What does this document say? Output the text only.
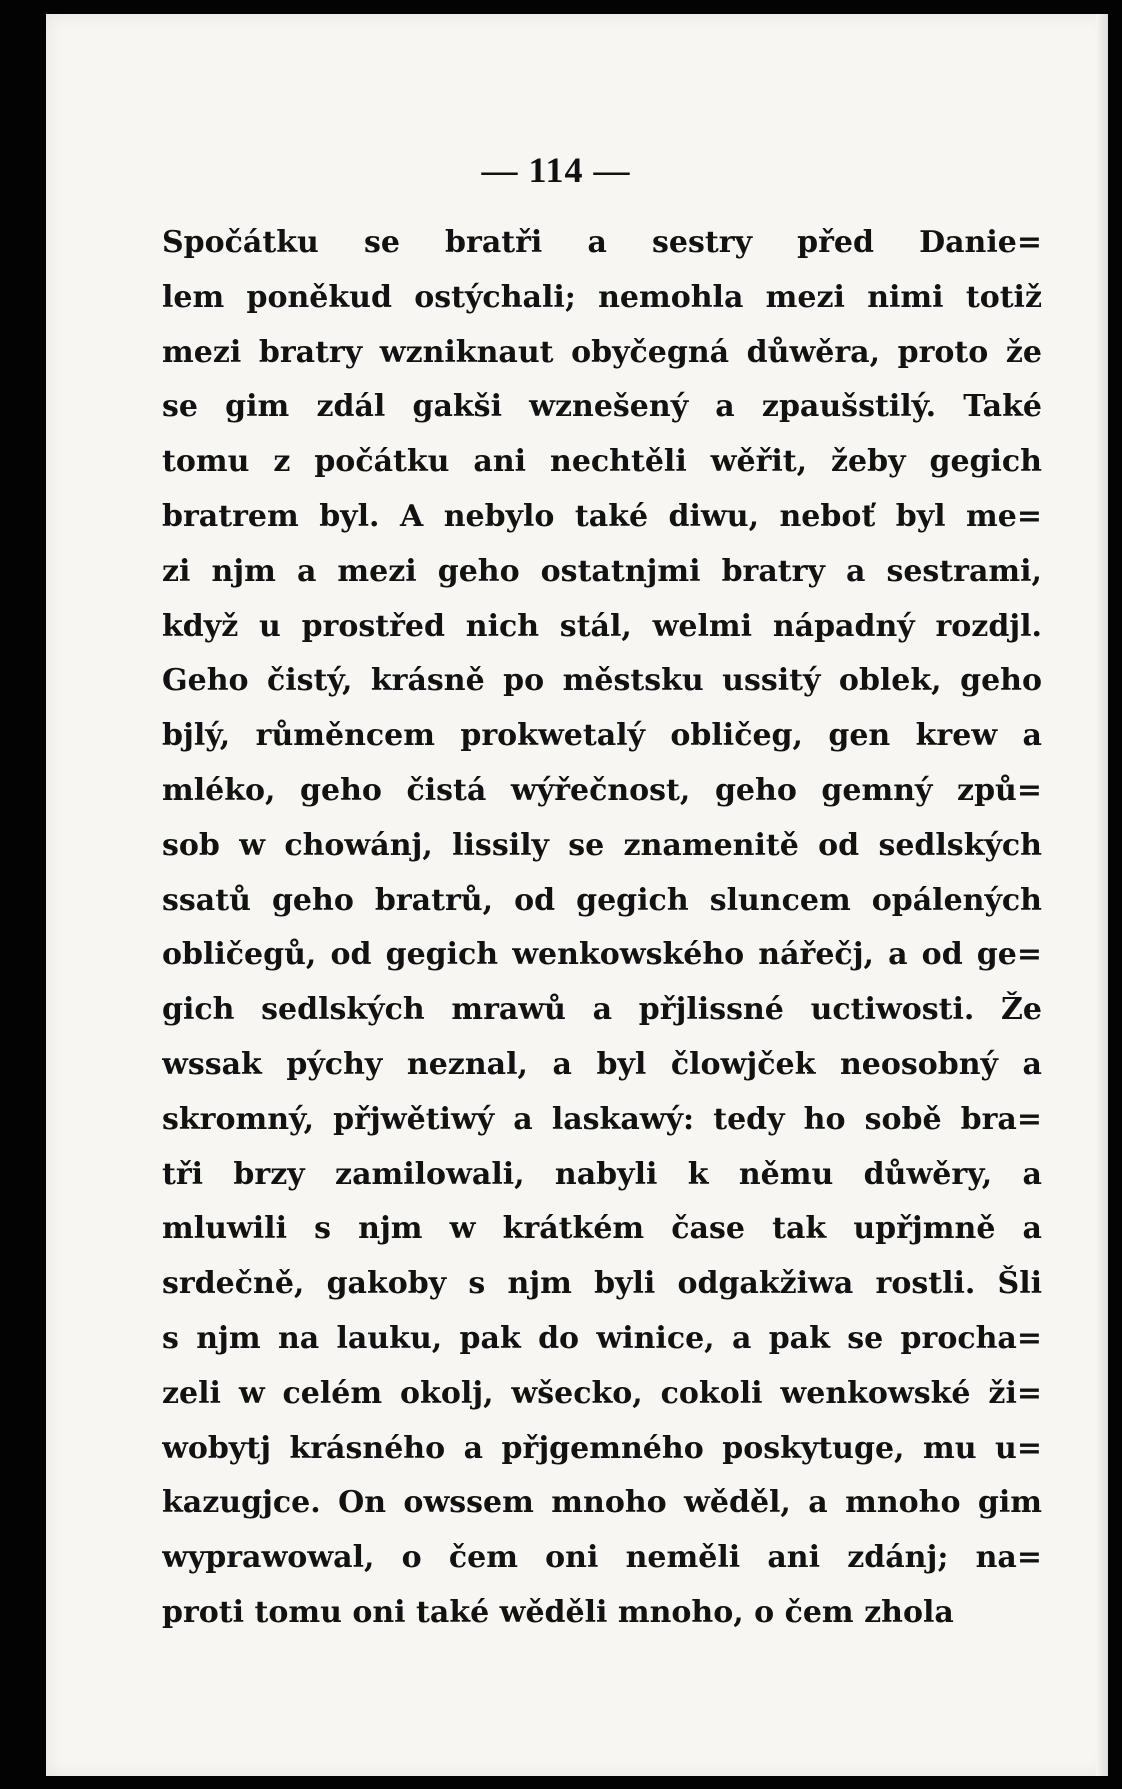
— 114 —
Spočátku se bratři a sestry před Danie=
lem poněkud ostýchali; nemohla mezi nimi totiž
mezi bratry wzniknaut obyčegná důwěra, proto že
se gim zdál gakši wznešený a zpaušstilý. Také
tomu z počátku ani nechtěli wěřit, žeby gegich
bratrem byl. A nebylo také diwu, neboť byl me=
zi njm a mezi geho ostatnjmi bratry a sestrami,
když u prostřed nich stál, welmi nápadný rozdjl.
Geho čistý, krásně po městsku ussitý oblek, geho
bjlý, růměncem prokwetalý obličeg, gen krew a
mléko, geho čistá wýřečnost, geho gemný způ=
sob w chowánj, lissily se znamenitě od sedlských
ssatů geho bratrů, od gegich sluncem opálených
obličegů, od gegich wenkowského nářečj, a od ge=
gich sedlských mrawů a přjlissné uctiwosti. Že
wssak pýchy neznal, a byl člowjček neosobný a
skromný, přjwětiwý a laskawý: tedy ho sobě bra=
tři brzy zamilowali, nabyli k němu důwěry, a
mluwili s njm w krátkém čase tak upřjmně a
srdečně, gakoby s njm byli odgakžiwa rostli. Šli
s njm na lauku, pak do winice, a pak se procha=
zeli w celém okolj, wšecko, cokoli wenkowské ži=
wobytj krásného a přjgemného poskytuge, mu u=
kazugjce. On owssem mnoho wěděl, a mnoho gim
wyprawowal, o čem oni neměli ani zdánj; na=
proti tomu oni také wěděli mnoho, o čem zhola
